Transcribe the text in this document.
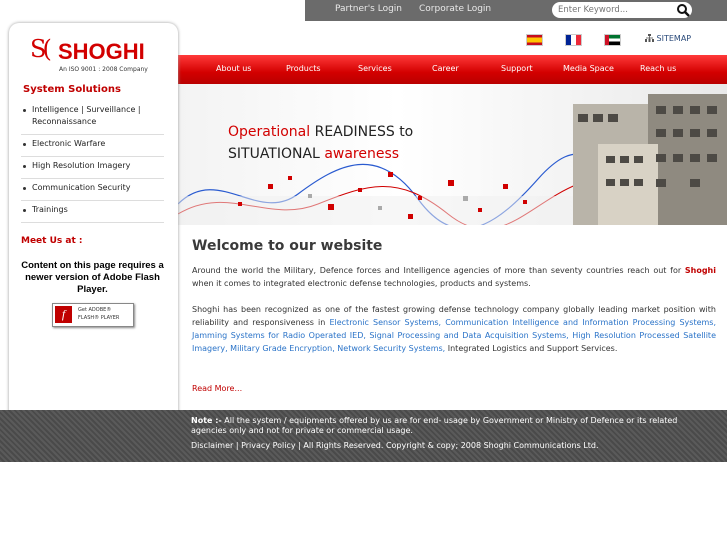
Partner's Login Corporate Login
Enter Keyword...
SITEMAP
About us	Products	Services	Career	Support	Media Space	Reach us
Operational READINESS to
SITUATIONAL awareness
S( SHOGHI
An ISO 9001 : 2008 Company
System Solutions
Intelligence | Surveillance | Reconnaissance
Electronic Warfare
High Resolution Imagery
Communication Security
Trainings
Meet Us at :
Content on this page requires a newer version of Adobe Flash Player.
f	Get ADOBE®
FLASH® PLAYER
Welcome to our website
Around the world the Military, Defence forces and Intelligence agencies of more than seventy countries reach out for Shoghi when it comes to integrated electronic defense technologies, products and systems.
Shoghi has been recognized as one of the fastest growing defense technology company globally leading market position with reliability and responsiveness in Electronic Sensor Systems, Communication Intelligence and Information Processing Systems, Jamming Systems for Radio Operated IED, Signal Processing and Data Acquisition Systems, High Resolution Processed Satellite Imagery, Military Grade Encryption, Network Security Systems, Integrated Logistics and Support Services.
Read More...
Note :- All the system / equipments offered by us are for end- usage by Government or Ministry of Defence or its related agencies only and not for private or commercial usage.
Disclaimer | Privacy Policy | All Rights Reserved. Copyright & copy; 2008 Shoghi Communications Ltd.
